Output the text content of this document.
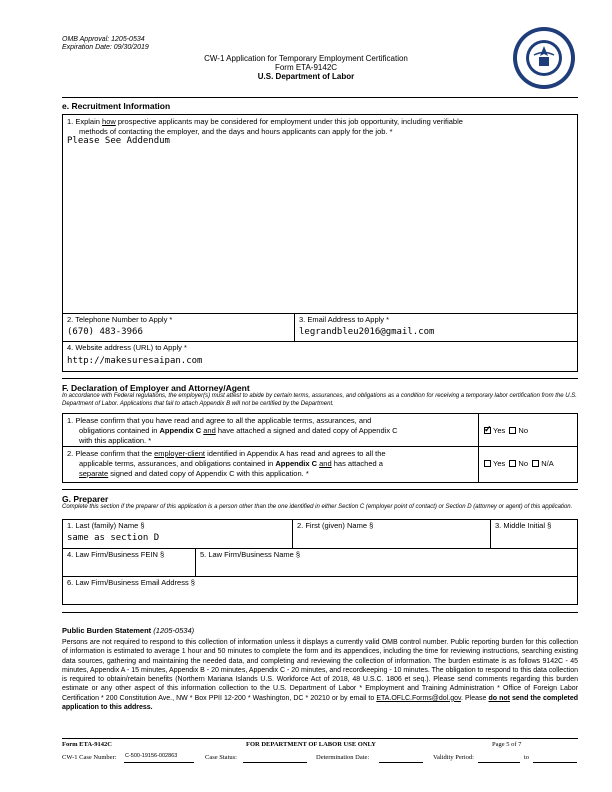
OMB Approval: 1205-0534
Expiration Date: 09/30/2019
CW-1 Application for Temporary Employment Certification
Form ETA-9142C
U.S. Department of Labor
e. Recruitment Information
1. Explain how prospective applicants may be considered for employment under this job opportunity, including verifiable
methods of contacting the employer, and the days and hours applicants can apply for the job. *
Please See Addendum
2. Telephone Number to Apply *
(670) 483-3966
3. Email Address to Apply *
legrandbleu2016@gmail.com
4. Website address (URL) to Apply *
http://makesuresaipan.com
F. Declaration of Employer and Attorney/Agent
In accordance with Federal regulations, the employer(s) must attest to abide by certain terms, assurances, and obligations as a condition for receiving a temporary labor certification from the U.S. Department of Labor. Applications that fail to attach Appendix B will not be certified by the Department.
1. Please confirm that you have read and agree to all the applicable terms, assurances, and
obligations contained in Appendix C and have attached a signed and dated copy of Appendix C
with this application. *
✓Yes No
2. Please confirm that the employer-client identified in Appendix A has read and agrees to all the
applicable terms, assurances, and obligations contained in Appendix C and has attached a
separate signed and dated copy of Appendix C with this application. *
Yes No N/A
G. Preparer
Complete this section if the preparer of this application is a person other than the one identified in either Section C (employer point of contact) or Section D (attorney or agent) of this application.
1. Last (family) Name §
same as section D
2. First (given) Name §	3. Middle Initial §
4. Law Firm/Business FEIN §	5. Law Firm/Business Name §
6. Law Firm/Business Email Address §
Public Burden Statement (1205-0534)
Persons are not required to respond to this collection of information unless it displays a currently valid OMB control number. Public reporting burden for this collection of information is estimated to average 1 hour and 50 minutes to complete the form and its appendices, including the time for reviewing instructions, searching existing data sources, gathering and maintaining the needed data, and completing and reviewing the collection of information. The burden estimate is as follows 9142C - 45 minutes, Appendix A - 15 minutes, Appendix B - 20 minutes, Appendix C - 20 minutes, and recordkeeping - 10 minutes. The obligation to respond to this data collection is required to obtain/retain benefits (Northern Mariana Islands U.S. Workforce Act of 2018, 48 U.S.C. 1806 et seq.). Please send comments regarding this burden estimate or any other aspect of this information collection to the U.S. Department of Labor * Employment and Training Administration * Office of Foreign Labor Certification * 200 Constitution Ave., NW * Box PPII 12-200 * Washington, DC * 20210 or by email to ETA.OFLC.Forms@dol.gov. Please do not send the completed application to this address.
Form ETA-9142C	FOR DEPARTMENT OF LABOR USE ONLY	Page 5 of 7
CW-1 Case Number: C-500-19156-002863	Case Status:	Determination Date:	Validity Period:	to
